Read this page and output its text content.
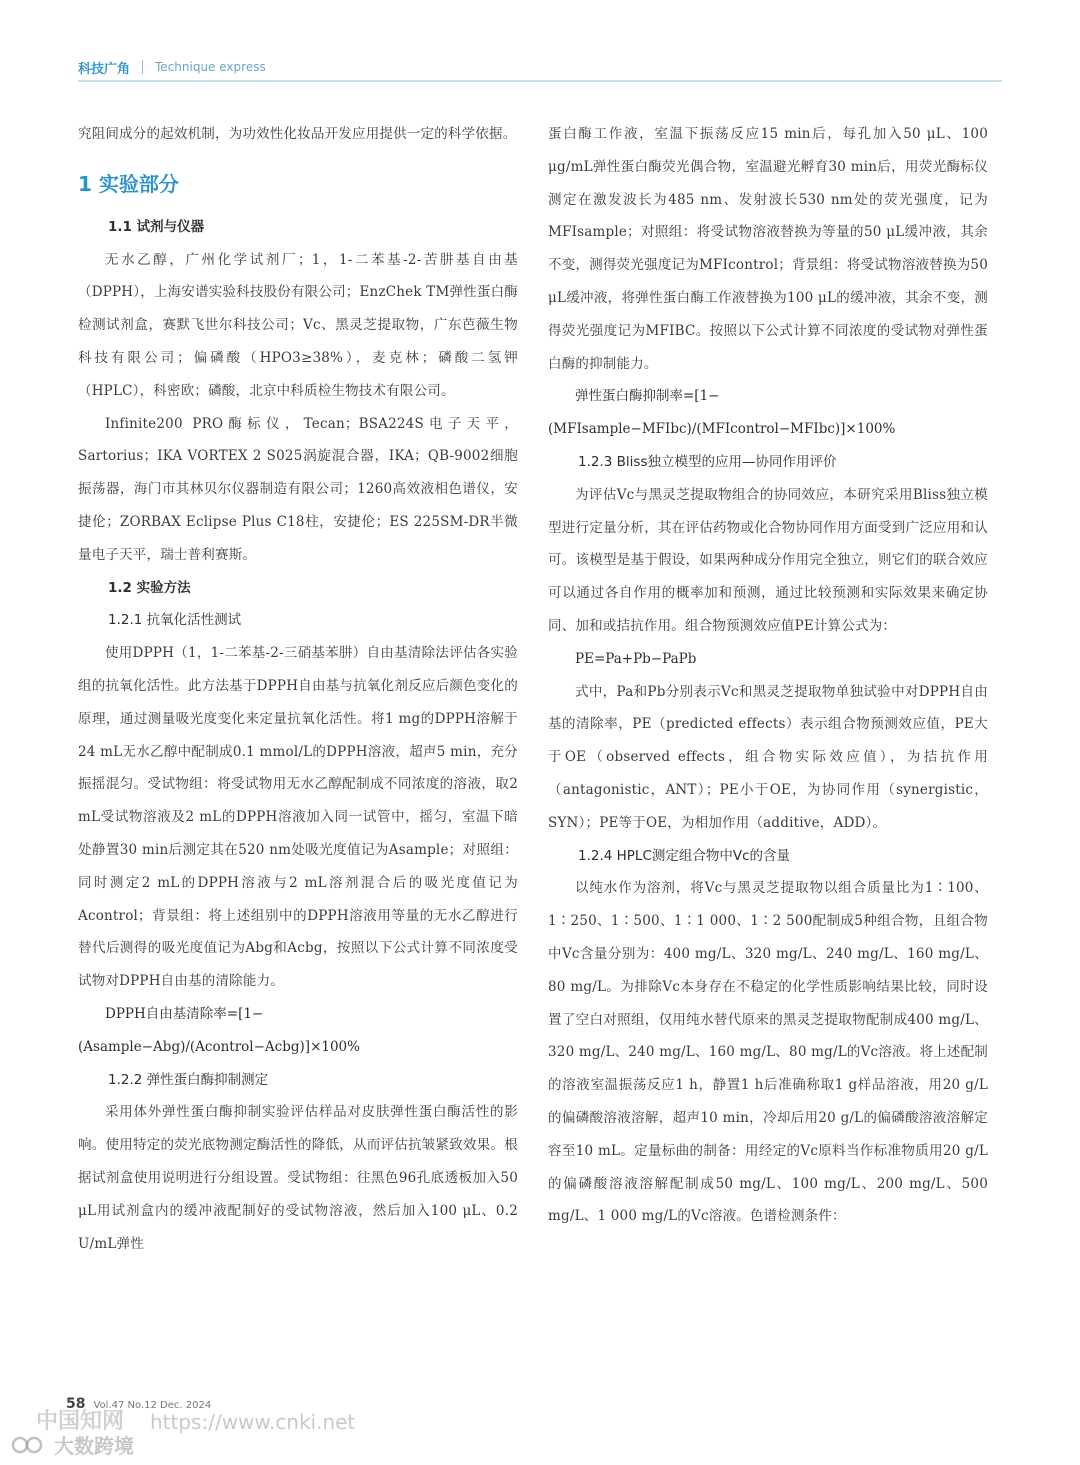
科技广角 Technique express

究阻间成分的起效机制，为功效性化妆品开发应用提供一定的科学依据。

1 实验部分

1.1 试剂与仪器

无水乙醇，广州化学试剂厂；1，1-二苯基-2-苦肼基自由基（DPPH），上海安谱实验科技股份有限公司；EnzChek TM弹性蛋白酶检测试剂盒，赛默飞世尔科技公司；Vc、黑灵芝提取物，广东芭薇生物科技有限公司；偏磷酸（HPO3≥38%），麦克林；磷酸二氢钾（HPLC），科密欧；磷酸，北京中科质检生物技术有限公司。

Infinite200 PRO酶标仪，Tecan；BSA224S电子天平，Sartorius；IKA VORTEX 2 S025涡旋混合器，IKA；QB-9002细胞振荡器，海门市其林贝尔仪器制造有限公司；1260高效液相色谱仪，安捷伦；ZORBAX Eclipse Plus C18柱，安捷伦；ES 225SM-DR半微量电子天平，瑞士普利赛斯。

1.2 实验方法

1.2.1 抗氧化活性测试

使用DPPH（1，1-二苯基-2-三硝基苯肼）自由基清除法评估各实验组的抗氧化活性。此方法基于DPPH自由基与抗氧化剂反应后颜色变化的原理，通过测量吸光度变化来定量抗氧化活性。将1 mg的DPPH溶解于24 mL无水乙醇中配制成0.1 mmol/L的DPPH溶液，超声5 min，充分振摇混匀。受试物组：将受试物用无水乙醇配制成不同浓度的溶液，取2 mL受试物溶液及2 mL的DPPH溶液加入同一试管中，摇匀，室温下暗处静置30 min后测定其在520 nm处吸光度值记为Asample；对照组：同时测定2 mL的DPPH溶液与2 mL溶剂混合后的吸光度值记为Acontrol；背景组：将上述组别中的DPPH溶液用等量的无水乙醇进行替代后测得的吸光度值记为Abg和Acbg，按照以下公式计算不同浓度受试物对DPPH自由基的清除能力。

DPPH自由基清除率=[1−(Asample−Abg)/(Acontrol−Acbg)]×100%

1.2.2 弹性蛋白酶抑制测定

采用体外弹性蛋白酶抑制实验评估样品对皮肤弹性蛋白酶活性的影响。使用特定的荧光底物测定酶活性的降低，从而评估抗皱紧致效果。根据试剂盒使用说明进行分组设置。受试物组：往黑色96孔底透板加入50 μL用试剂盒内的缓冲液配制好的受试物溶液，然后加入100 μL、0.2 U/mL弹性

蛋白酶工作液，室温下振荡反应15 min后，每孔加入50 μL、100 μg/mL弹性蛋白酶荧光偶合物，室温避光孵育30 min后，用荧光酶标仪测定在激发波长为485 nm、发射波长530 nm处的荧光强度，记为MFIsample；对照组：将受试物溶液替换为等量的50 μL缓冲液，其余不变，测得荧光强度记为MFIcontrol；背景组：将受试物溶液替换为50 μL缓冲液，将弹性蛋白酶工作液替换为100 μL的缓冲液，其余不变，测得荧光强度记为MFIBC。按照以下公式计算不同浓度的受试物对弹性蛋白酶的抑制能力。

弹性蛋白酶抑制率=[1−(MFIsample−MFIbc)/(MFIcontrol−MFIbc)]×100%

1.2.3 Bliss独立模型的应用—协同作用评价

为评估Vc与黑灵芝提取物组合的协同效应，本研究采用Bliss独立模型进行定量分析，其在评估药物或化合物协同作用方面受到广泛应用和认可。该模型是基于假设，如果两种成分作用完全独立，则它们的联合效应可以通过各自作用的概率加和预测，通过比较预测和实际效果来确定协同、加和或拮抗作用。组合物预测效应值PE计算公式为：

PE=Pa+Pb−PaPb

式中，Pa和Pb分别表示Vc和黑灵芝提取物单独试验中对DPPH自由基的清除率，PE（predicted effects）表示组合物预测效应值，PE大于OE（observed effects，组合物实际效应值），为拮抗作用（antagonistic，ANT）；PE小于OE，为协同作用（synergistic，SYN）；PE等于OE，为相加作用（additive，ADD）。

1.2.4 HPLC测定组合物中Vc的含量

以纯水作为溶剂，将Vc与黑灵芝提取物以组合质量比为1∶100、1∶250、1∶500、1∶1 000、1∶2 500配制成5种组合物，且组合物中Vc含量分别为：400 mg/L、320 mg/L、240 mg/L、160 mg/L、80 mg/L。为排除Vc本身存在不稳定的化学性质影响结果比较，同时设置了空白对照组，仅用纯水替代原来的黑灵芝提取物配制成400 mg/L、320 mg/L、240 mg/L、160 mg/L、80 mg/L的Vc溶液。将上述配制的溶液室温振荡反应1 h，静置1 h后准确称取1 g样品溶液，用20 g/L的偏磷酸溶液溶解，超声10 min，冷却后用20 g/L的偏磷酸溶液溶解定容至10 mL。定量标曲的制备：用经定的Vc原料当作标准物质用20 g/L的偏磷酸溶液溶解配制成50 mg/L、100 mg/L、200 mg/L、500 mg/L、1 000 mg/L的Vc溶液。色谱检测条件：

58 Vol.47 No.12 Dec. 2024
中国知网 https://www.cnki.net
大数跨境
